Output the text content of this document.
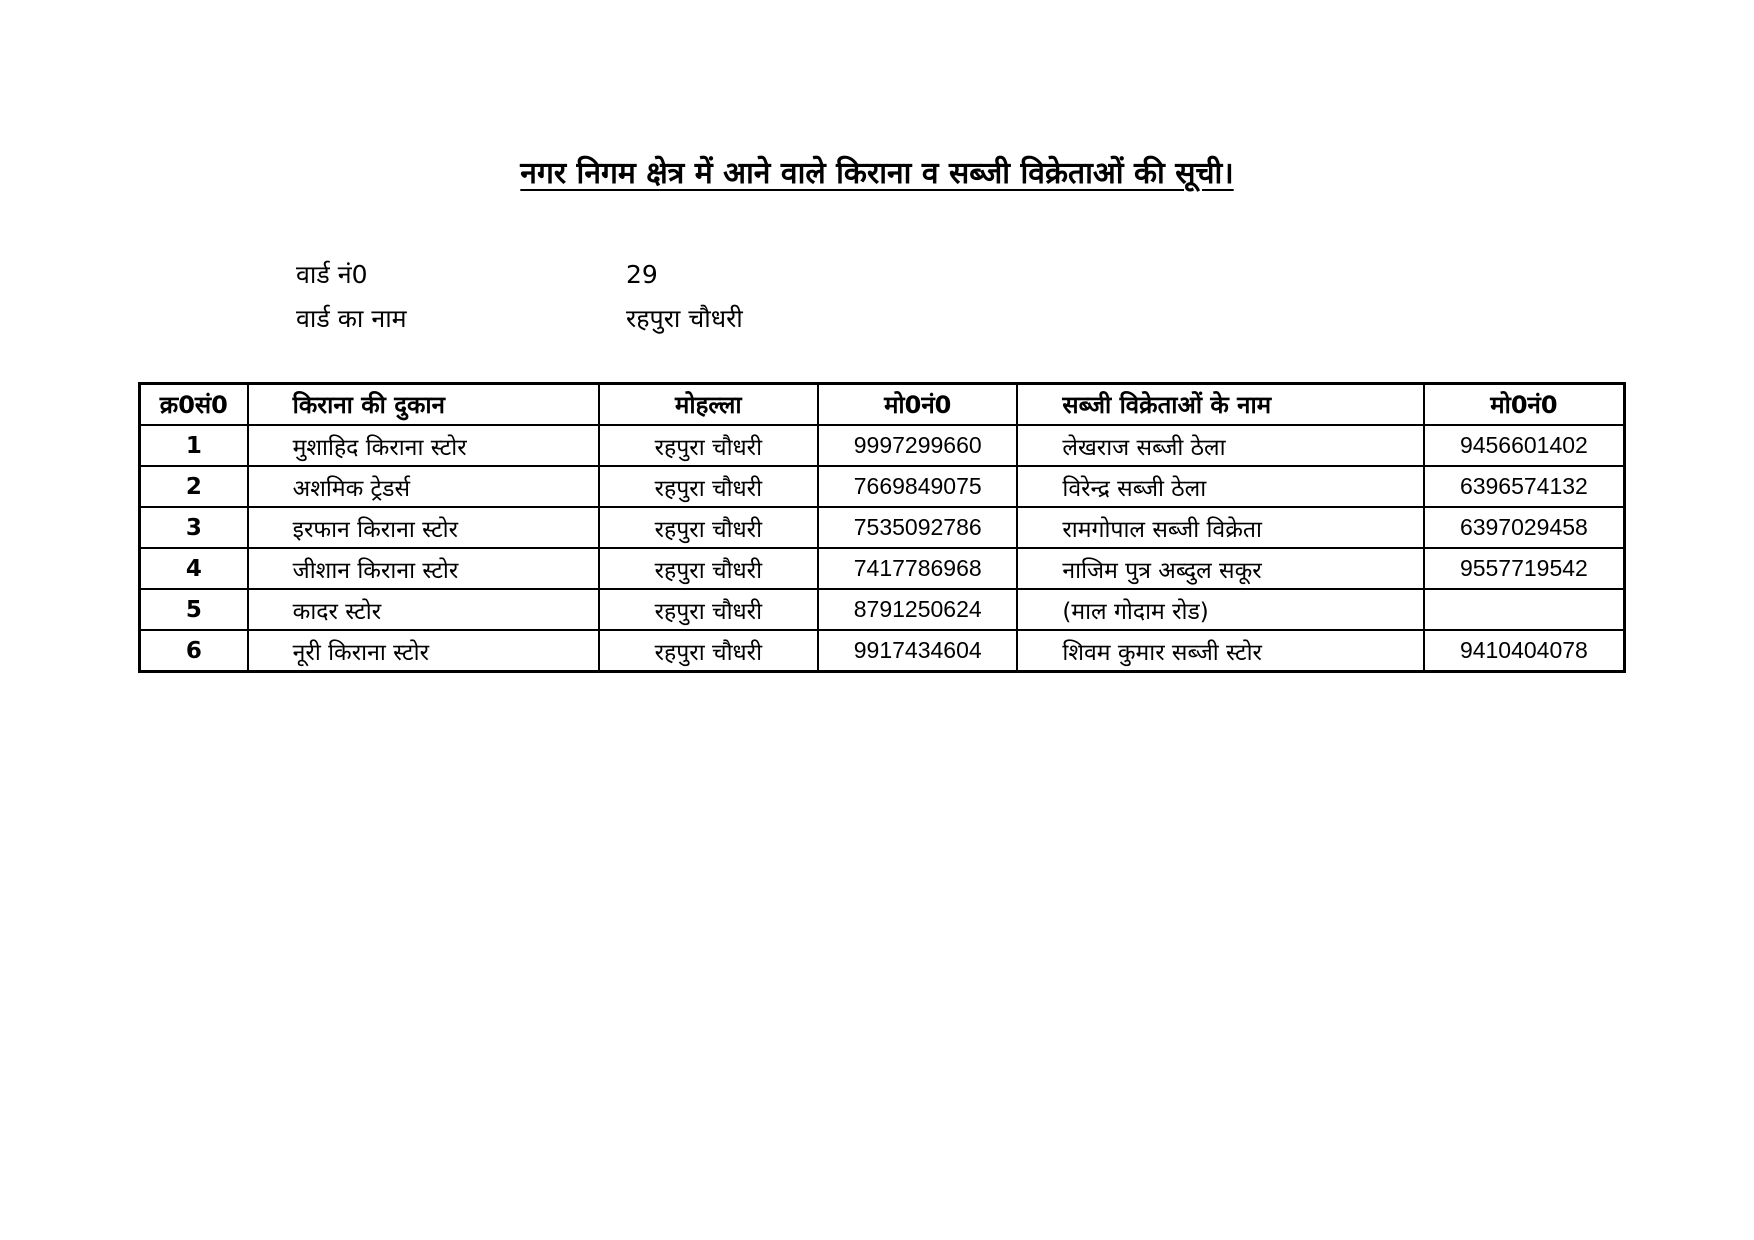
नगर निगम क्षेत्र में आने वाले किराना व सब्जी विक्रेताओं की सूची।
वार्ड नं0	29
वार्ड का नाम	रहपुरा चौधरी
क्र0सं0	किराना की दुकान	मोहल्ला	मो0नं0	सब्जी विक्रेताओं के नाम	मो0नं0
1	मुशाहिद किराना स्टोर	रहपुरा चौधरी	9997299660	लेखराज सब्जी ठेला	9456601402
2	अशमिक ट्रेडर्स	रहपुरा चौधरी	7669849075	विरेन्द्र सब्जी ठेला	6396574132
3	इरफान किराना स्टोर	रहपुरा चौधरी	7535092786	रामगोपाल सब्जी विक्रेता	6397029458
4	जीशान किराना स्टोर	रहपुरा चौधरी	7417786968	नाजिम पुत्र अब्दुल सकूर	9557719542
5	कादर स्टोर	रहपुरा चौधरी	8791250624	(माल गोदाम रोड)	
6	नूरी किराना स्टोर	रहपुरा चौधरी	9917434604	शिवम कुमार सब्जी स्टोर	9410404078
